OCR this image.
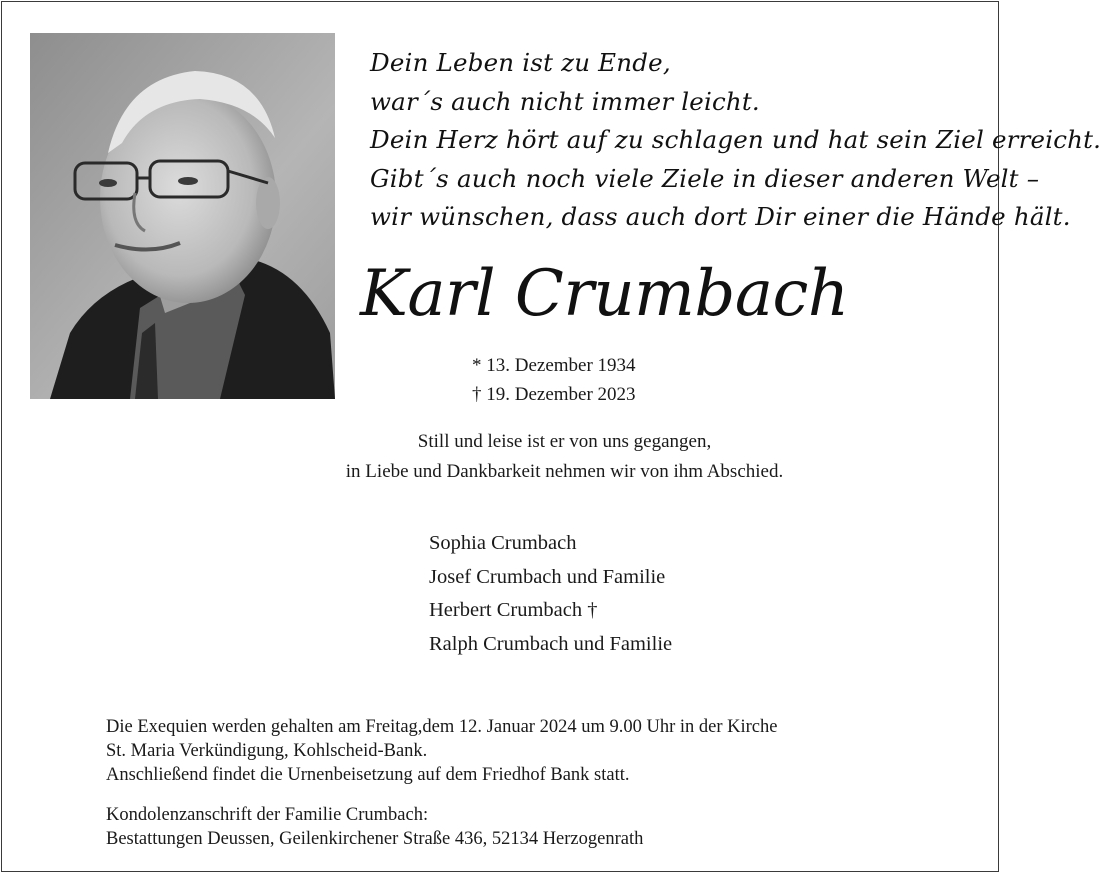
Dein Leben ist zu Ende,
war´s auch nicht immer leicht.
Dein Herz hört auf zu schlagen und hat sein Ziel erreicht.
Gibt´s auch noch viele Ziele in dieser anderen Welt –
wir wünschen, dass auch dort Dir einer die Hände hält.
Karl Crumbach
* 13. Dezember 1934
† 19. Dezember 2023
Still und leise ist er von uns gegangen,
in Liebe und Dankbarkeit nehmen wir von ihm Abschied.
Sophia Crumbach
Josef Crumbach und Familie
Herbert Crumbach †
Ralph Crumbach und Familie
Die Exequien werden gehalten am Freitag,dem 12. Januar 2024 um 9.00 Uhr in der Kirche
St. Maria Verkündigung, Kohlscheid-Bank.
Anschließend findet die Urnenbeisetzung auf dem Friedhof Bank statt.
Kondolenzanschrift der Familie Crumbach:
Bestattungen Deussen, Geilenkirchener Straße 436, 52134 Herzogenrath
